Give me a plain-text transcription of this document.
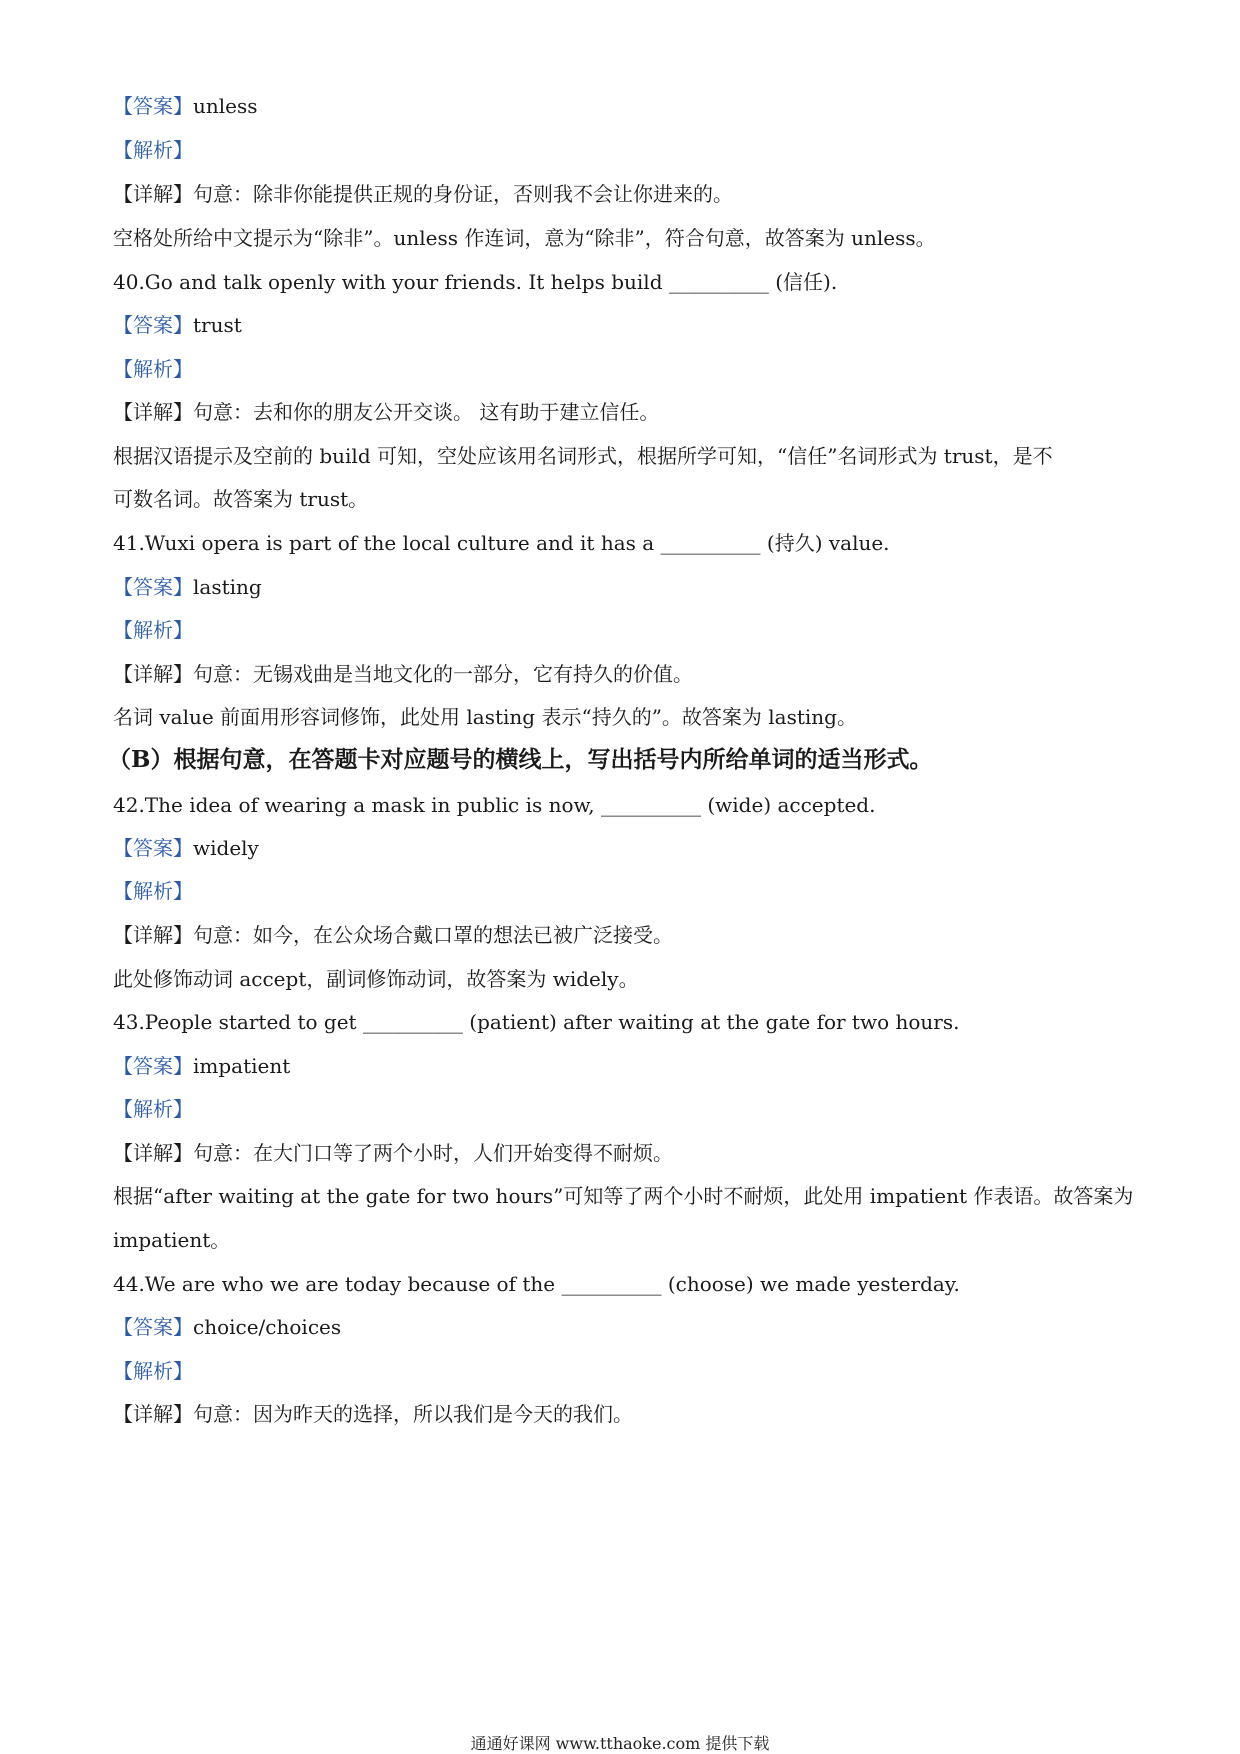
【答案】unless

【解析】

【详解】句意：除非你能提供正规的身份证，否则我不会让你进来的。

空格处所给中文提示为“除非”。unless 作连词，意为“除非”，符合句意，故答案为 unless。

40.Go and talk openly with your friends. It helps build __________ (信任).

【答案】trust

【解析】

【详解】句意：去和你的朋友公开交谈。 这有助于建立信任。

根据汉语提示及空前的 build 可知，空处应该用名词形式，根据所学可知，“信任”名词形式为 trust，是不

可数名词。故答案为 trust。

41.Wuxi opera is part of the local culture and it has a __________ (持久) value.

【答案】lasting

【解析】

【详解】句意：无锡戏曲是当地文化的一部分，它有持久的价值。

名词 value 前面用形容词修饰，此处用 lasting 表示“持久的”。故答案为 lasting。

（B）根据句意，在答题卡对应题号的横线上，写出括号内所给单词的适当形式。

42.The idea of wearing a mask in public is now, __________ (wide) accepted.

【答案】widely

【解析】

【详解】句意：如今，在公众场合戴口罩的想法已被广泛接受。

此处修饰动词 accept，副词修饰动词，故答案为 widely。

43.People started to get __________ (patient) after waiting at the gate for two hours.

【答案】impatient

【解析】

【详解】句意：在大门口等了两个小时，人们开始变得不耐烦。

根据“after waiting at the gate for two hours”可知等了两个小时不耐烦，此处用 impatient 作表语。故答案为

impatient。

44.We are who we are today because of the __________ (choose) we made yesterday.

【答案】choice/choices

【解析】

【详解】句意：因为昨天的选择，所以我们是今天的我们。

通通好课网 www.tthaoke.com 提供下载
